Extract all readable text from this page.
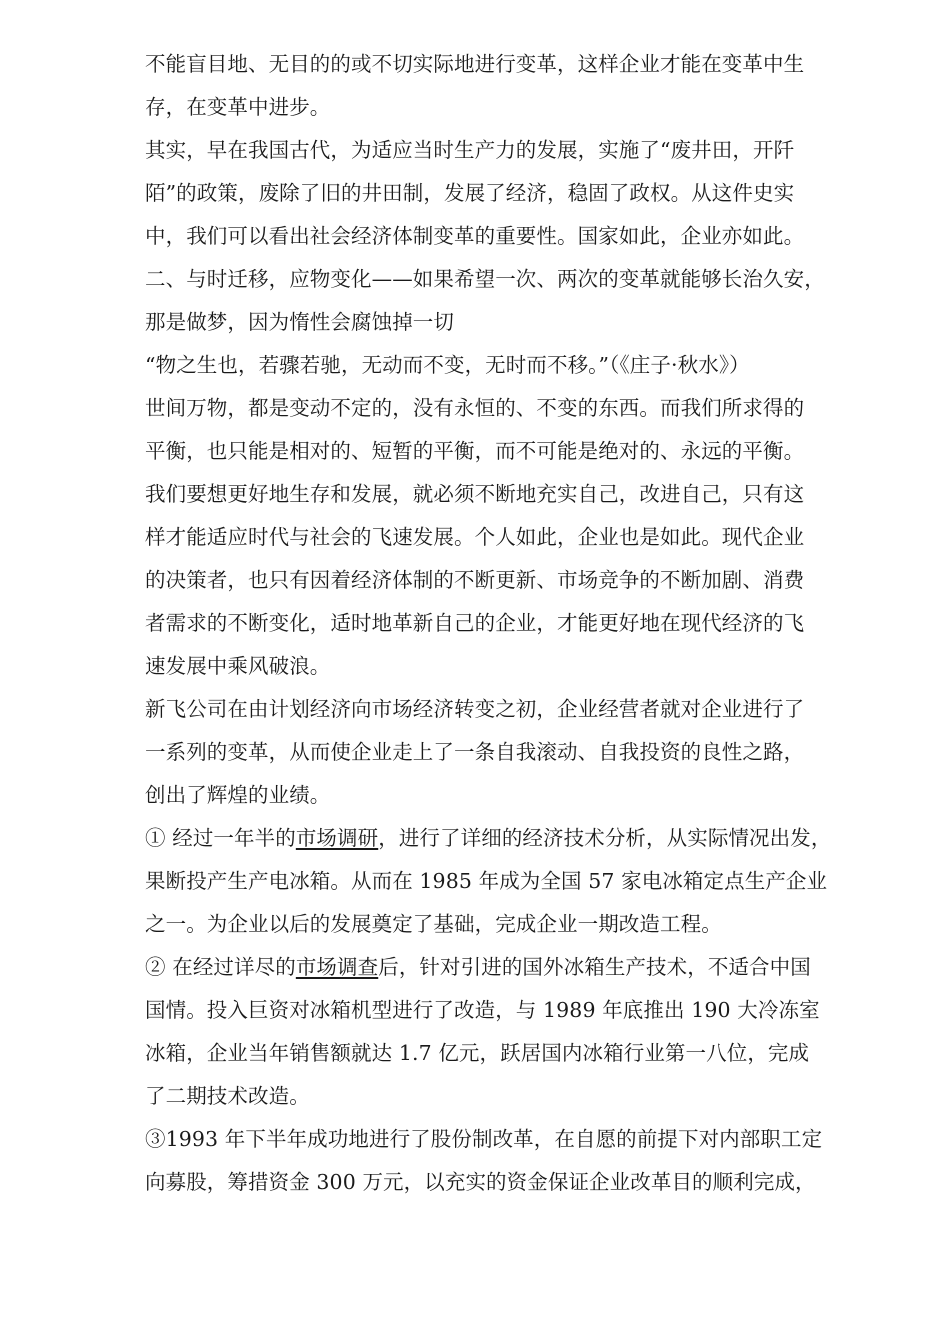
不能盲目地、无目的的或不切实际地进行变革，这样企业才能在变革中生
存，在变革中进步。
其实，早在我国古代，为适应当时生产力的发展，实施了“废井田，开阡
陌”的政策，废除了旧的井田制，发展了经济，稳固了政权。从这件史实
中，我们可以看出社会经济体制变革的重要性。国家如此，企业亦如此。
二、与时迁移，应物变化——如果希望一次、两次的变革就能够长治久安，
那是做梦，因为惰性会腐蚀掉一切
“物之生也，若骤若驰，无动而不变，无时而不移。”（《庄子·秋水》）
世间万物，都是变动不定的，没有永恒的、不变的东西。而我们所求得的
平衡，也只能是相对的、短暂的平衡，而不可能是绝对的、永远的平衡。
我们要想更好地生存和发展，就必须不断地充实自己，改进自己，只有这
样才能适应时代与社会的飞速发展。个人如此，企业也是如此。现代企业
的决策者，也只有因着经济体制的不断更新、市场竞争的不断加剧、消费
者需求的不断变化，适时地革新自己的企业，才能更好地在现代经济的飞
速发展中乘风破浪。
新飞公司在由计划经济向市场经济转变之初，企业经营者就对企业进行了
一系列的变革，从而使企业走上了一条自我滚动、自我投资的良性之路，
创出了辉煌的业绩。
① 经过一年半的市场调研，进行了详细的经济技术分析，从实际情况出发，
果断投产生产电冰箱。从而在 1985 年成为全国 57 家电冰箱定点生产企业
之一。为企业以后的发展奠定了基础，完成企业一期改造工程。
② 在经过详尽的市场调查后，针对引进的国外冰箱生产技术，不适合中国
国情。投入巨资对冰箱机型进行了改造，与 1989 年底推出 190 大冷冻室
冰箱，企业当年销售额就达 1.7 亿元，跃居国内冰箱行业第一八位，完成
了二期技术改造。
③1993 年下半年成功地进行了股份制改革，在自愿的前提下对内部职工定
向募股，筹措资金 300 万元，以充实的资金保证企业改革目的顺利完成，
